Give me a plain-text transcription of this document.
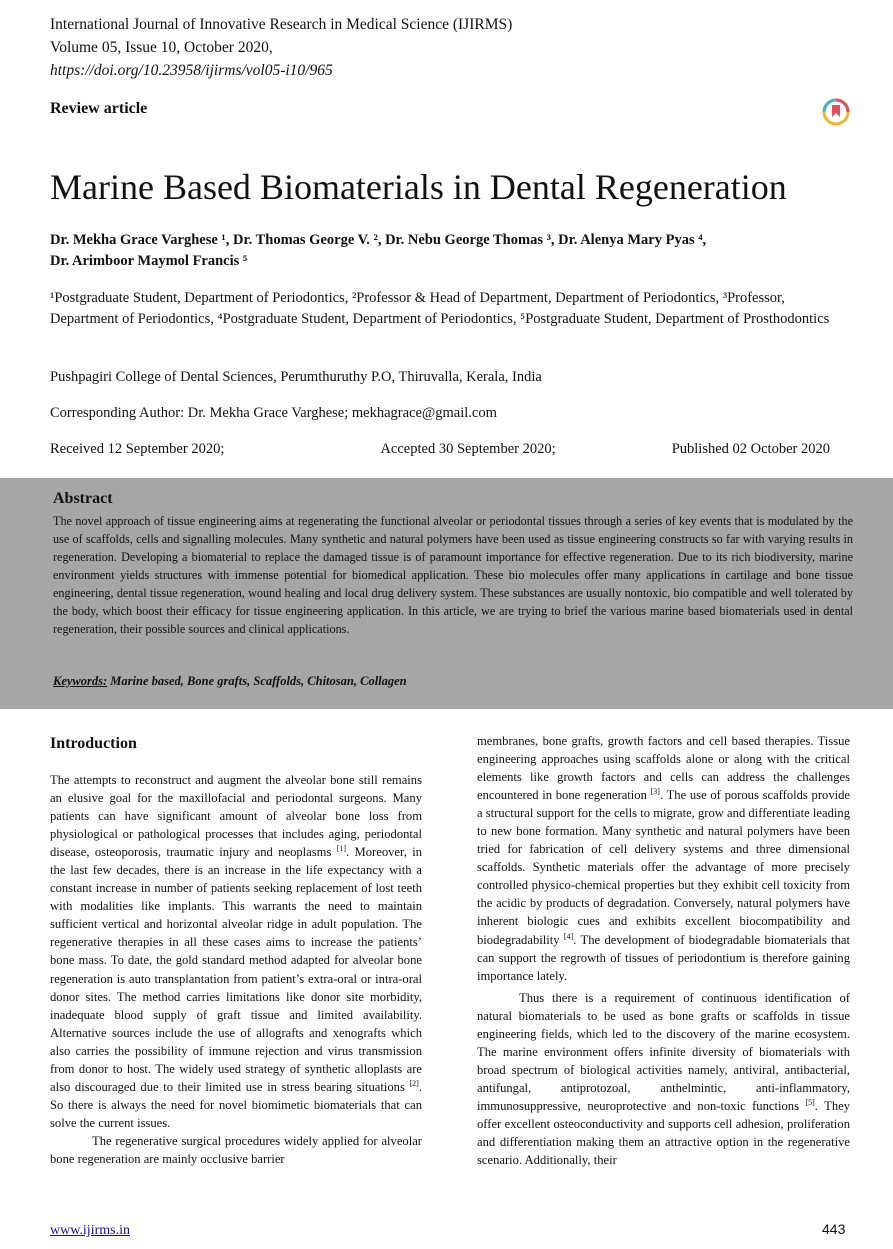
International Journal of Innovative Research in Medical Science (IJIRMS)
Volume 05, Issue 10, October 2020,
https://doi.org/10.23958/ijirms/vol05-i10/965
Review article
Marine Based Biomaterials in Dental Regeneration
Dr. Mekha Grace Varghese ¹, Dr. Thomas George V. ², Dr. Nebu George Thomas ³, Dr. Alenya Mary Pyas ⁴,
Dr. Arimboor Maymol Francis ⁵
¹Postgraduate Student, Department of Periodontics, ²Professor & Head of Department, Department of Periodontics, ³Professor, Department of Periodontics, ⁴Postgraduate Student, Department of Periodontics, ⁵Postgraduate Student, Department of Prosthodontics
Pushpagiri College of Dental Sciences, Perumthuruthy P.O, Thiruvalla, Kerala, India
Corresponding Author: Dr. Mekha Grace Varghese; mekhagrace@gmail.com
Received 12 September 2020;	Accepted 30 September 2020;	Published 02 October 2020
Abstract
The novel approach of tissue engineering aims at regenerating the functional alveolar or periodontal tissues through a series of key events that is modulated by the use of scaffolds, cells and signalling molecules. Many synthetic and natural polymers have been used as tissue engineering constructs so far with varying results in regeneration. Developing a biomaterial to replace the damaged tissue is of paramount importance for effective regeneration. Due to its rich biodiversity, marine environment yields structures with immense potential for biomedical application. These bio molecules offer many applications in cartilage and bone tissue engineering, dental tissue regeneration, wound healing and local drug delivery system. These substances are usually nontoxic, bio compatible and well tolerated by the body, which boost their efficacy for tissue engineering application. In this article, we are trying to brief the various marine based biomaterials used in dental regeneration, their possible sources and clinical applications.
Keywords: Marine based, Bone grafts, Scaffolds, Chitosan, Collagen
Introduction

The attempts to reconstruct and augment the alveolar bone still remains an elusive goal for the maxillofacial and periodontal surgeons. Many patients can have significant amount of alveolar bone loss from physiological or pathological processes that includes aging, periodontal disease, osteoporosis, traumatic injury and neoplasms [1]. Moreover, in the last few decades, there is an increase in the life expectancy with a constant increase in number of patients seeking replacement of lost teeth with modalities like implants. This warrants the need to maintain sufficient vertical and horizontal alveolar ridge in adult population. The regenerative therapies in all these cases aims to increase the patients’ bone mass. To date, the gold standard method adapted for alveolar bone regeneration is auto transplantation from patient’s extra-oral or intra-oral donor sites. The method carries limitations like donor site morbidity, inadequate blood supply of graft tissue and limited availability. Alternative sources include the use of allografts and xenografts which also carries the possibility of immune rejection and virus transmission from donor to host. The widely used strategy of synthetic alloplasts are also discouraged due to their limited use in stress bearing situations [2]. So there is always the need for novel biomimetic biomaterials that can solve the current issues.

The regenerative surgical procedures widely applied for alveolar bone regeneration are mainly occlusive barrier

membranes, bone grafts, growth factors and cell based therapies. Tissue engineering approaches using scaffolds alone or along with the critical elements like growth factors and cells can address the challenges encountered in bone regeneration [3]. The use of porous scaffolds provide a structural support for the cells to migrate, grow and differentiate leading to new bone formation. Many synthetic and natural polymers have been tried for fabrication of cell delivery systems and three dimensional scaffolds. Synthetic materials offer the advantage of more precisely controlled physico-chemical properties but they exhibit cell toxicity from the acidic by products of degradation. Conversely, natural polymers have inherent biologic cues and exhibits excellent biocompatibility and biodegradability [4]. The development of biodegradable biomaterials that can support the regrowth of tissues of periodontium is therefore gaining importance lately.

Thus there is a requirement of continuous identification of natural biomaterials to be used as bone grafts or scaffolds in tissue engineering fields, which led to the discovery of the marine ecosystem. The marine environment offers infinite diversity of biomaterials with broad spectrum of biological activities namely, antiviral, antibacterial, antifungal, antiprotozoal, anthelmintic, anti-inflammatory, immunosuppressive, neuroprotective and non-toxic functions [5]. They offer excellent osteoconductivity and supports cell adhesion, proliferation and differentiation making them an attractive option in the regenerative scenario. Additionally, their

www.ijirms.in	443
